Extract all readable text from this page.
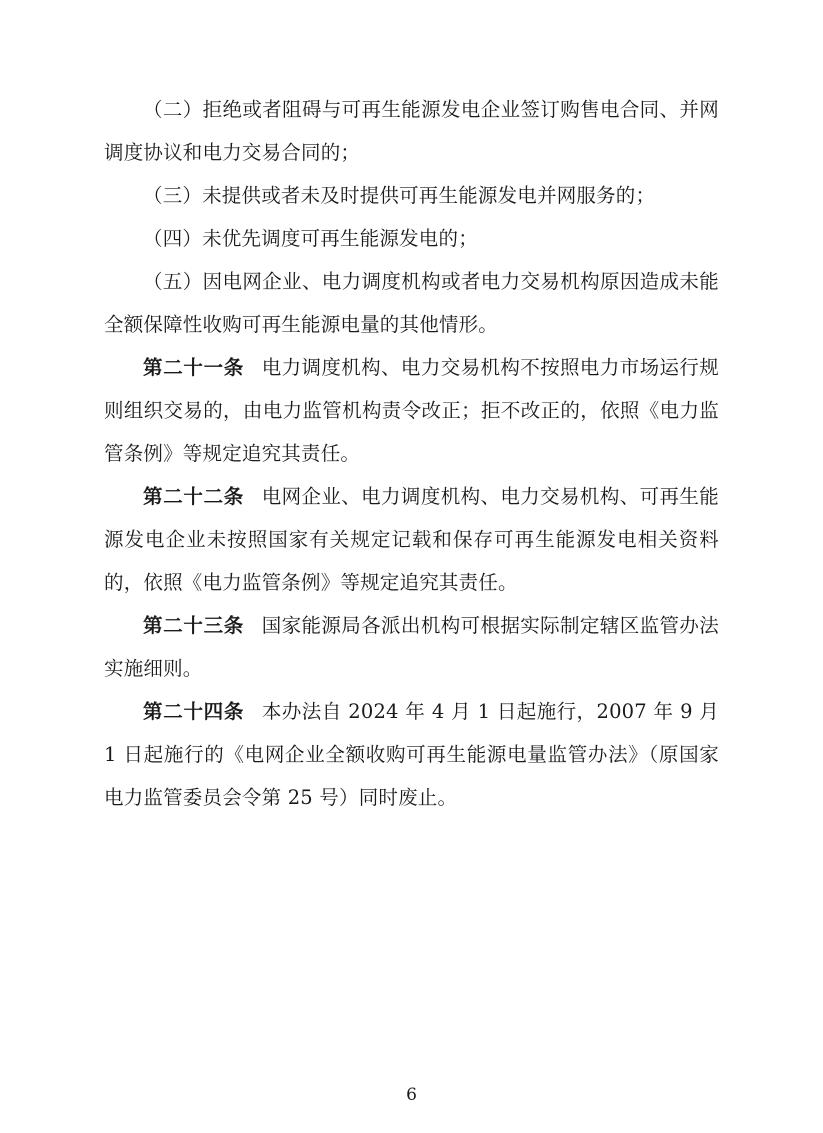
（二）拒绝或者阻碍与可再生能源发电企业签订购售电合同、并网调度协议和电力交易合同的；

（三）未提供或者未及时提供可再生能源发电并网服务的；

（四）未优先调度可再生能源发电的；

（五）因电网企业、电力调度机构或者电力交易机构原因造成未能全额保障性收购可再生能源电量的其他情形。

第二十一条 电力调度机构、电力交易机构不按照电力市场运行规则组织交易的，由电力监管机构责令改正；拒不改正的，依照《电力监管条例》等规定追究其责任。

第二十二条 电网企业、电力调度机构、电力交易机构、可再生能源发电企业未按照国家有关规定记载和保存可再生能源发电相关资料的，依照《电力监管条例》等规定追究其责任。

第二十三条 国家能源局各派出机构可根据实际制定辖区监管办法实施细则。

第二十四条 本办法自 2024 年 4 月 1 日起施行，2007 年 9 月 1 日起施行的《电网企业全额收购可再生能源电量监管办法》（原国家电力监管委员会令第 25 号）同时废止。

6
